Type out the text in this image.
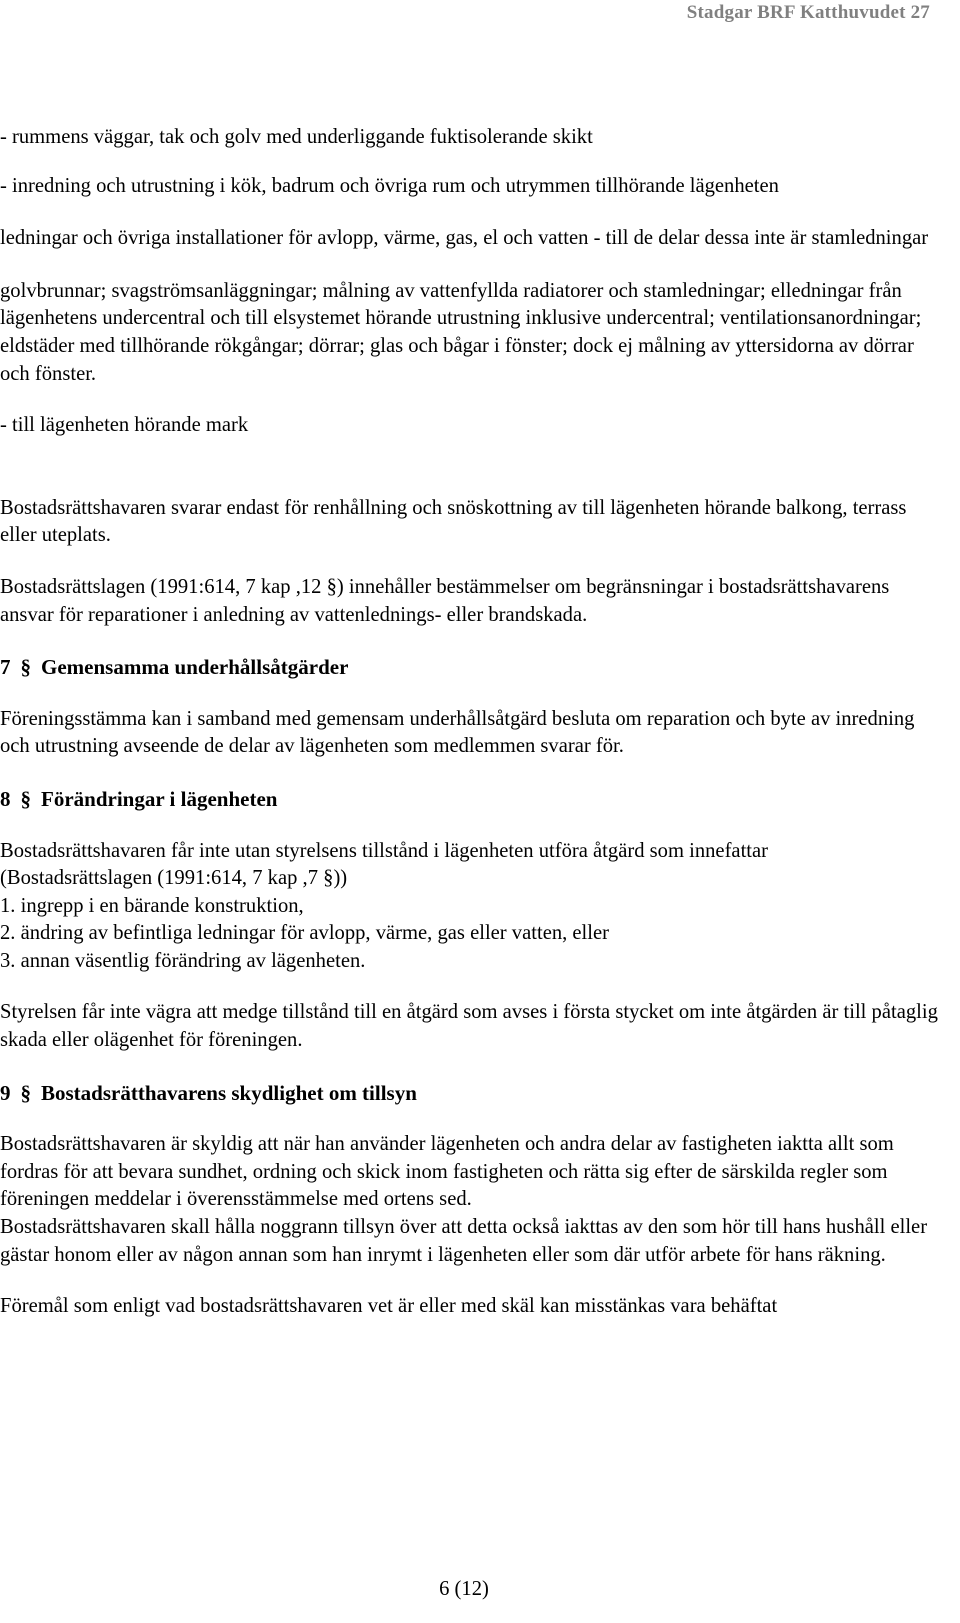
Stadgar BRF Katthuvudet 27

- rummens väggar, tak och golv med underliggande fuktisolerande skikt

- inredning och utrustning i kök, badrum och övriga rum och utrymmen tillhörande lägenheten

ledningar och övriga installationer för avlopp, värme, gas, el och vatten - till de delar dessa inte är stamledningar

golvbrunnar; svagströmsanläggningar; målning av vattenfyllda radiatorer och stamledningar; elledningar från lägenhetens undercentral och till elsystemet hörande utrustning inklusive undercentral; ventilationsanordningar; eldstäder med tillhörande rökgångar; dörrar; glas och bågar i fönster; dock ej målning av yttersidorna av dörrar och fönster.

- till lägenheten hörande mark

Bostadsrättshavaren svarar endast för renhållning och snöskottning av till lägenheten hörande balkong, terrass eller uteplats.

Bostadsrättslagen (1991:614, 7 kap ,12 §) innehåller bestämmelser om begränsningar i bostadsrättshavarens ansvar för reparationer i anledning av vattenlednings- eller brandskada.

7 § Gemensamma underhållsåtgärder

Föreningsstämma kan i samband med gemensam underhållsåtgärd besluta om reparation och byte av inredning och utrustning avseende de delar av lägenheten som medlemmen svarar för.

8 § Förändringar i lägenheten

Bostadsrättshavaren får inte utan styrelsens tillstånd i lägenheten utföra åtgärd som innefattar

(Bostadsrättslagen (1991:614, 7 kap ,7 §))

1. ingrepp i en bärande konstruktion,

2. ändring av befintliga ledningar för avlopp, värme, gas eller vatten, eller

3. annan väsentlig förändring av lägenheten.

Styrelsen får inte vägra att medge tillstånd till en åtgärd som avses i första stycket om inte åtgärden är till påtaglig skada eller olägenhet för föreningen.

9 § Bostadsrätthavarens skydlighet om tillsyn

Bostadsrättshavaren är skyldig att när han använder lägenheten och andra delar av fastigheten iaktta allt som fordras för att bevara sundhet, ordning och skick inom fastigheten och rätta sig efter de särskilda regler som föreningen meddelar i överensstämmelse med ortens sed.

Bostadsrättshavaren skall hålla noggrann tillsyn över att detta också iakttas av den som hör till hans hushåll eller gästar honom eller av någon annan som han inrymt i lägenheten eller som där utför arbete för hans räkning.

Föremål som enligt vad bostadsrättshavaren vet är eller med skäl kan misstänkas vara behäftat

6 (12)
